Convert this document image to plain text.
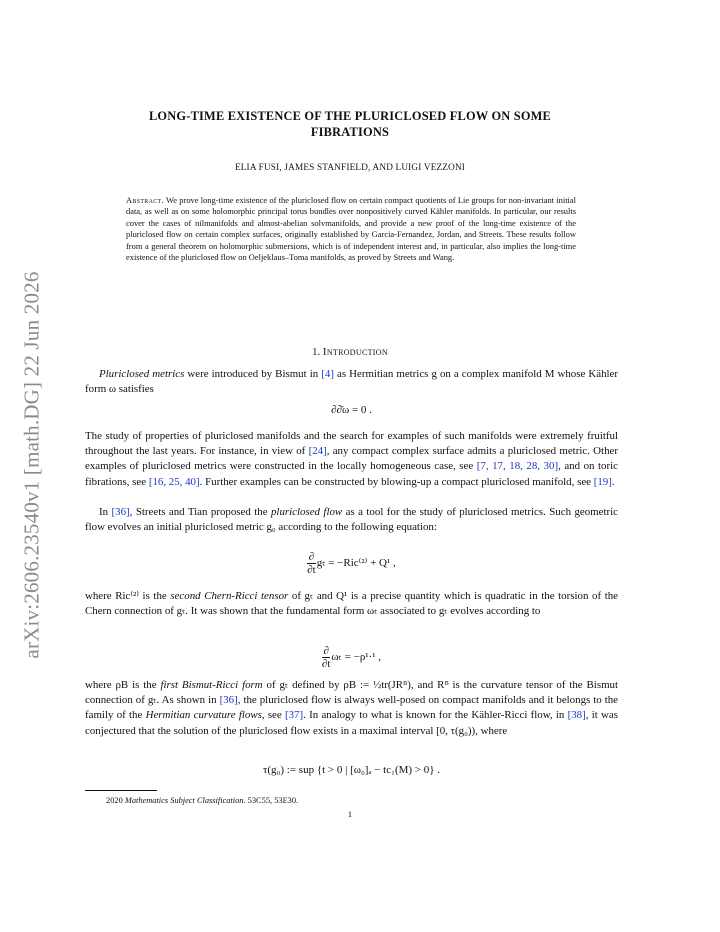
arXiv:2606.23540v1 [math.DG] 22 Jun 2026
LONG-TIME EXISTENCE OF THE PLURICLOSED FLOW ON SOME
FIBRATIONS
ELIA FUSI, JAMES STANFIELD, AND LUIGI VEZZONI
Abstract. We prove long-time existence of the pluriclosed flow on certain compact quotients of Lie groups for non-invariant initial data, as well as on some holomorphic principal torus bundles over nonpositively curved Kähler manifolds. In particular, our results cover the cases of nilmanifolds and almost-abelian solvmanifolds, and provide a new proof of the long-time existence of the pluriclosed flow on certain complex surfaces, originally established by Garcia-Fernandez, Jordan, and Streets. These results follow from a general theorem on holomorphic submersions, which is of independent interest and, in particular, also implies the long-time existence of the pluriclosed flow on Oeljeklaus–Toma manifolds, as proved by Streets and Wang.
1. Introduction
Pluriclosed metrics were introduced by Bismut in [4] as Hermitian metrics g on a complex manifold M whose Kähler form ω satisfies
∂∂̄ω = 0 .
The study of properties of pluriclosed manifolds and the search for examples of such manifolds were extremely fruitful throughout the last years. For instance, in view of [24], any compact complex surface admits a pluriclosed metric. Other examples of pluriclosed metrics were constructed in the locally homogeneous case, see [7, 17, 18, 28, 30], and on toric fibrations, see [16, 25, 40]. Further examples can be constructed by blowing-up a compact pluriclosed manifold, see [19].
In [36], Streets and Tian proposed the pluriclosed flow as a tool for the study of pluriclosed metrics. Such geometric flow evolves an initial pluriclosed metric g₀ according to the following equation:
$\frac{\partial}{\partial t}$ gₜ = −Ric⁽²⁾ + Q¹ ,
where Ric⁽²⁾ is the second Chern-Ricci tensor of gₜ and Q¹ is a precise quantity which is quadratic in the torsion of the Chern connection of gₜ. It was shown that the fundamental form ωₜ associated to gₜ evolves according to
$\frac{\partial}{\partial t}$ ωₜ = −ρ¹·¹ ,
where ρB is the first Bismut-Ricci form of gₜ defined by ρB := ½tr(JRᴮ), and Rᴮ is the curvature tensor of the Bismut connection of gₜ. As shown in [36], the pluriclosed flow is always well-posed on compact manifolds and it belongs to the family of the Hermitian curvature flows, see [37]. In analogy to what is known for the Kähler-Ricci flow, in [38], it was conjectured that the solution of the pluriclosed flow exists in a maximal interval [0, τ(g₀)), where
τ(g₀) := sup {t > 0 | [ω₀]ₐ − tc₁(M) > 0} .
2020 Mathematics Subject Classification. 53C55, 53E30.
1
